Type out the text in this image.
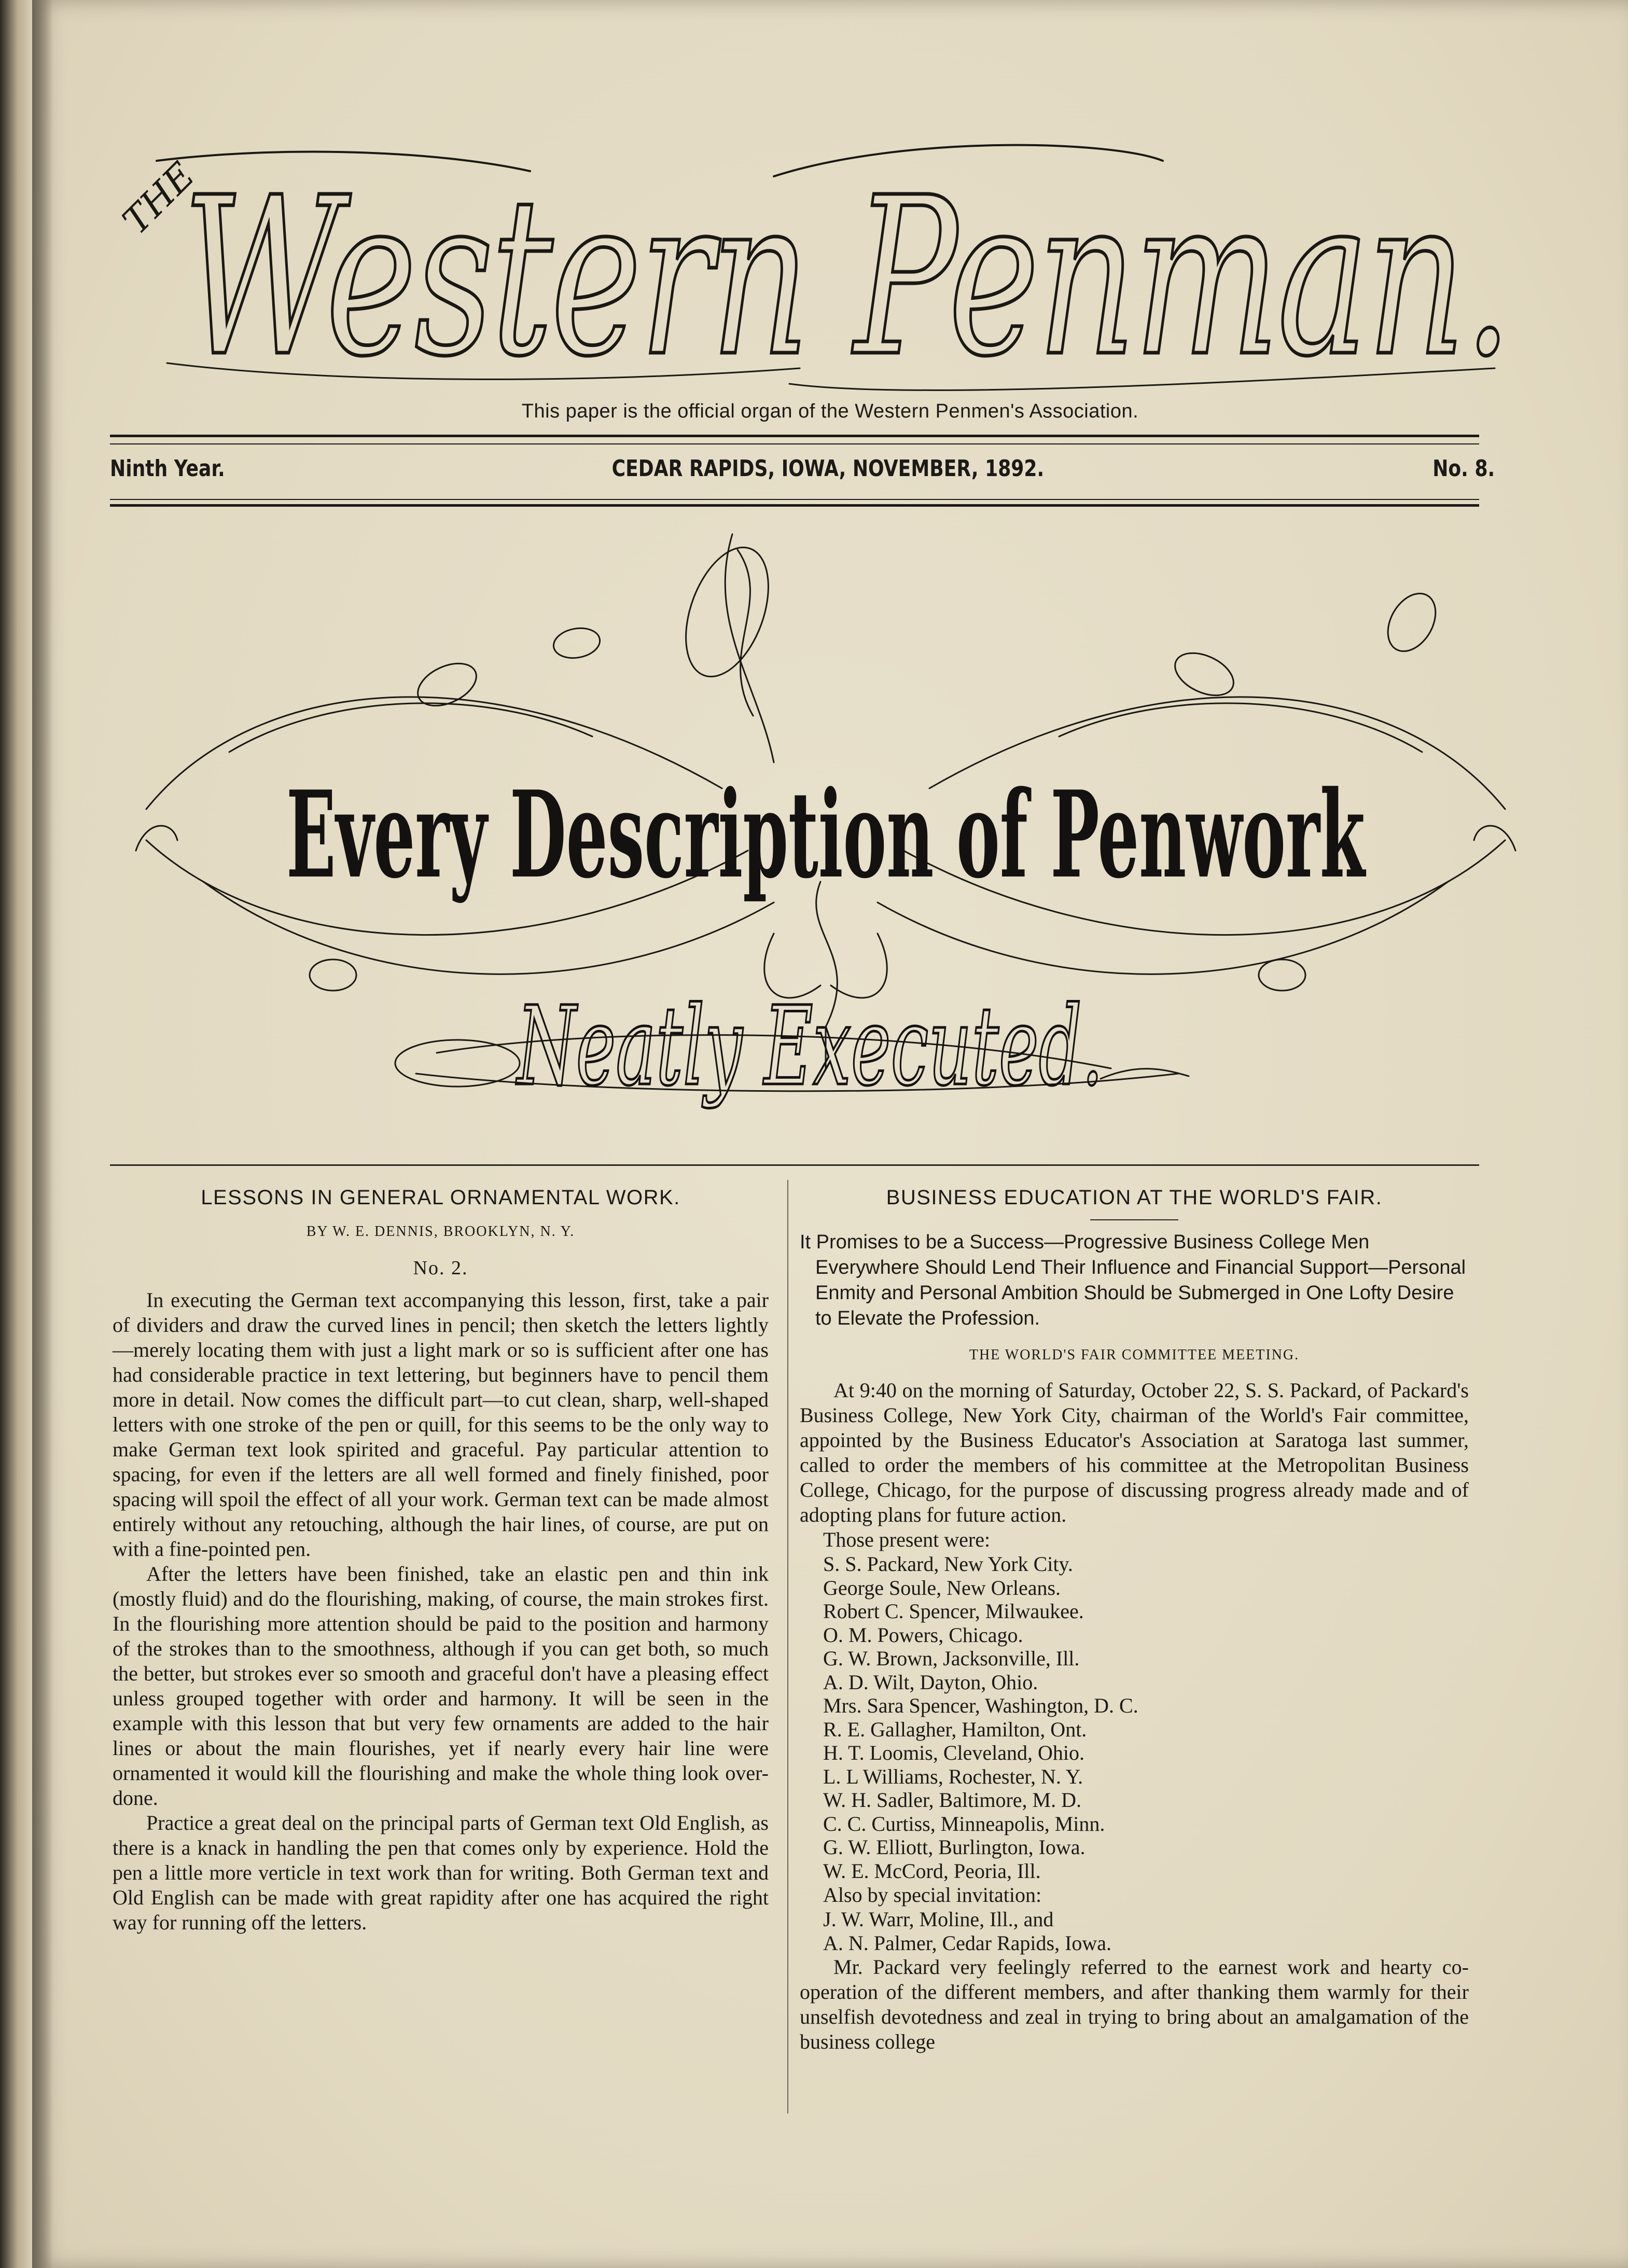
THE
Western Penman.
This paper is the official organ of the Western Penmen's Association.
Ninth Year.	CEDAR RAPIDS, IOWA, NOVEMBER, 1892.	No. 8.
Every Description of Penwork
Neatly Executed.
LESSONS IN GENERAL ORNAMENTAL WORK.
BY W. E. DENNIS, BROOKLYN, N. Y.
No. 2.

In executing the German text accompanying this lesson, first, take a pair of dividers and draw the curved lines in pencil; then sketch the letters lightly—merely locating them with just a light mark or so is sufficient after one has had considerable practice in text lettering, but beginners have to pencil them more in detail. Now comes the difficult part—to cut clean, sharp, well-shaped letters with one stroke of the pen or quill, for this seems to be the only way to make German text look spirited and graceful. Pay particular attention to spacing, for even if the letters are all well formed and finely finished, poor spacing will spoil the effect of all your work. German text can be made almost entirely without any retouching, although the hair lines, of course, are put on with a fine-pointed pen.

After the letters have been finished, take an elastic pen and thin ink (mostly fluid) and do the flourishing, making, of course, the main strokes first. In the flourishing more attention should be paid to the position and harmony of the strokes than to the smoothness, although if you can get both, so much the better, but strokes ever so smooth and graceful don't have a pleasing effect unless grouped together with order and harmony. It will be seen in the example with this lesson that but very few ornaments are added to the hair lines or about the main flourishes, yet if nearly every hair line were ornamented it would kill the flourishing and make the whole thing look over-done.

Practice a great deal on the principal parts of German text Old English, as there is a knack in handling the pen that comes only by experience. Hold the pen a little more verticle in text work than for writing. Both German text and Old English can be made with great rapidity after one has acquired the right way for running off the letters.

BUSINESS EDUCATION AT THE WORLD'S FAIR.
It Promises to be a Success—Progressive Business College Men Everywhere Should Lend Their Influence and Financial Support—Personal Enmity and Personal Ambition Should be Submerged in One Lofty Desire to Elevate the Profession.
THE WORLD'S FAIR COMMITTEE MEETING.

At 9:40 on the morning of Saturday, October 22, S. S. Packard, of Packard's Business College, New York City, chairman of the World's Fair committee, appointed by the Business Educator's Association at Saratoga last summer, called to order the members of his committee at the Metropolitan Business College, Chicago, for the purpose of discussing progress already made and of adopting plans for future action.

Those present were:
S. S. Packard, New York City.
George Soule, New Orleans.
Robert C. Spencer, Milwaukee.
O. M. Powers, Chicago.
G. W. Brown, Jacksonville, Ill.
A. D. Wilt, Dayton, Ohio.
Mrs. Sara Spencer, Washington, D. C.
R. E. Gallagher, Hamilton, Ont.
H. T. Loomis, Cleveland, Ohio.
L. L Williams, Rochester, N. Y.
W. H. Sadler, Baltimore, M. D.
C. C. Curtiss, Minneapolis, Minn.
G. W. Elliott, Burlington, Iowa.
W. E. McCord, Peoria, Ill.
Also by special invitation:
J. W. Warr, Moline, Ill., and
A. N. Palmer, Cedar Rapids, Iowa.

Mr. Packard very feelingly referred to the earnest work and hearty co-operation of the different members, and after thanking them warmly for their unselfish devotedness and zeal in trying to bring about an amalgamation of the business college
